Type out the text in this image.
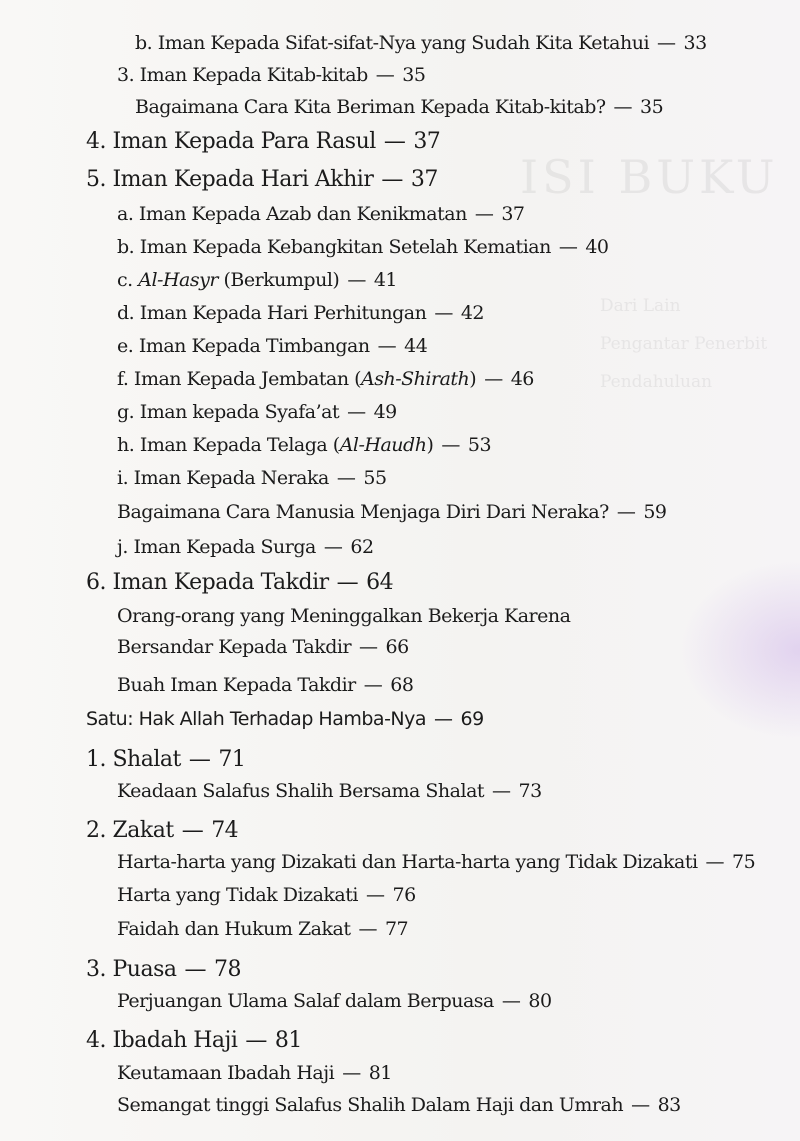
ISI BUKU
Dari Lain
Pengantar Penerbit
Pendahuluan
b. Iman Kepada Sifat-sifat-Nya yang Sudah Kita Ketahui — 33
3. Iman Kepada Kitab-kitab — 35
Bagaimana Cara Kita Beriman Kepada Kitab-kitab? — 35
4. Iman Kepada Para Rasul — 37
5. Iman Kepada Hari Akhir — 37
a. Iman Kepada Azab dan Kenikmatan — 37
b. Iman Kepada Kebangkitan Setelah Kematian — 40
c. Al-Hasyr (Berkumpul) — 41
d. Iman Kepada Hari Perhitungan — 42
e. Iman Kepada Timbangan — 44
f. Iman Kepada Jembatan (Ash-Shirath) — 46
g. Iman kepada Syafa’at — 49
h. Iman Kepada Telaga (Al-Haudh) — 53
i. Iman Kepada Neraka — 55
Bagaimana Cara Manusia Menjaga Diri Dari Neraka? — 59
j. Iman Kepada Surga — 62
6. Iman Kepada Takdir — 64
Orang-orang yang Meninggalkan Bekerja Karena
Bersandar Kepada Takdir — 66
Buah Iman Kepada Takdir — 68
Satu: Hak Allah Terhadap Hamba-Nya — 69
1. Shalat — 71
Keadaan Salafus Shalih Bersama Shalat — 73
2. Zakat — 74
Harta-harta yang Dizakati dan Harta-harta yang Tidak Dizakati — 75
Harta yang Tidak Dizakati — 76
Faidah dan Hukum Zakat — 77
3. Puasa — 78
Perjuangan Ulama Salaf dalam Berpuasa — 80
4. Ibadah Haji — 81
Keutamaan Ibadah Haji — 81
Semangat tinggi Salafus Shalih Dalam Haji dan Umrah — 83
